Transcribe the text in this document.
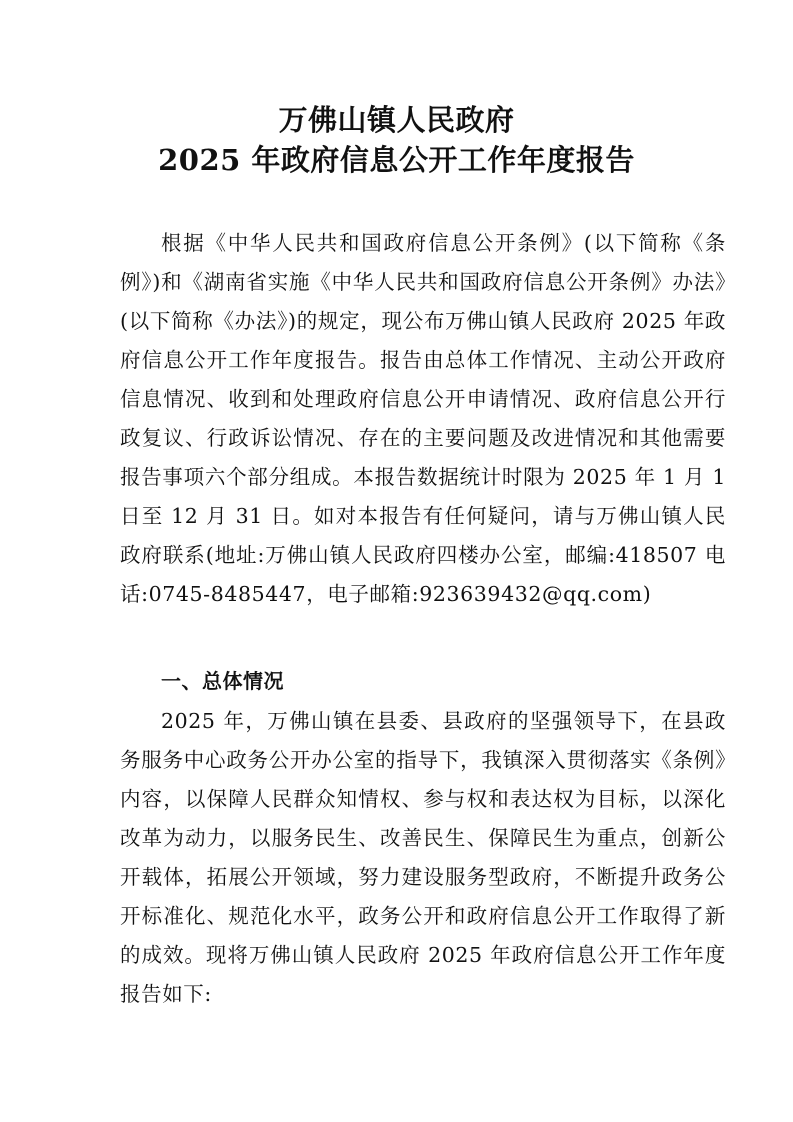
万佛山镇人民政府
2025 年政府信息公开工作年度报告

根据《中华人民共和国政府信息公开条例》(以下简称《条例》)和《湖南省实施《中华人民共和国政府信息公开条例》办法》(以下简称《办法》)的规定，现公布万佛山镇人民政府 2025 年政府信息公开工作年度报告。报告由总体工作情况、主动公开政府信息情况、收到和处理政府信息公开申请情况、政府信息公开行政复议、行政诉讼情况、存在的主要问题及改进情况和其他需要报告事项六个部分组成。本报告数据统计时限为 2025 年 1 月 1 日至 12 月 31 日。如对本报告有任何疑问，请与万佛山镇人民政府联系(地址:万佛山镇人民政府四楼办公室，邮编:418507 电话:0745-8485447，电子邮箱:923639432@qq.com)

一、总体情况

2025 年，万佛山镇在县委、县政府的坚强领导下，在县政务服务中心政务公开办公室的指导下，我镇深入贯彻落实《条例》内容，以保障人民群众知情权、参与权和表达权为目标，以深化改革为动力，以服务民生、改善民生、保障民生为重点，创新公开载体，拓展公开领域，努力建设服务型政府，不断提升政务公开标准化、规范化水平，政务公开和政府信息公开工作取得了新的成效。现将万佛山镇人民政府 2025 年政府信息公开工作年度报告如下:
